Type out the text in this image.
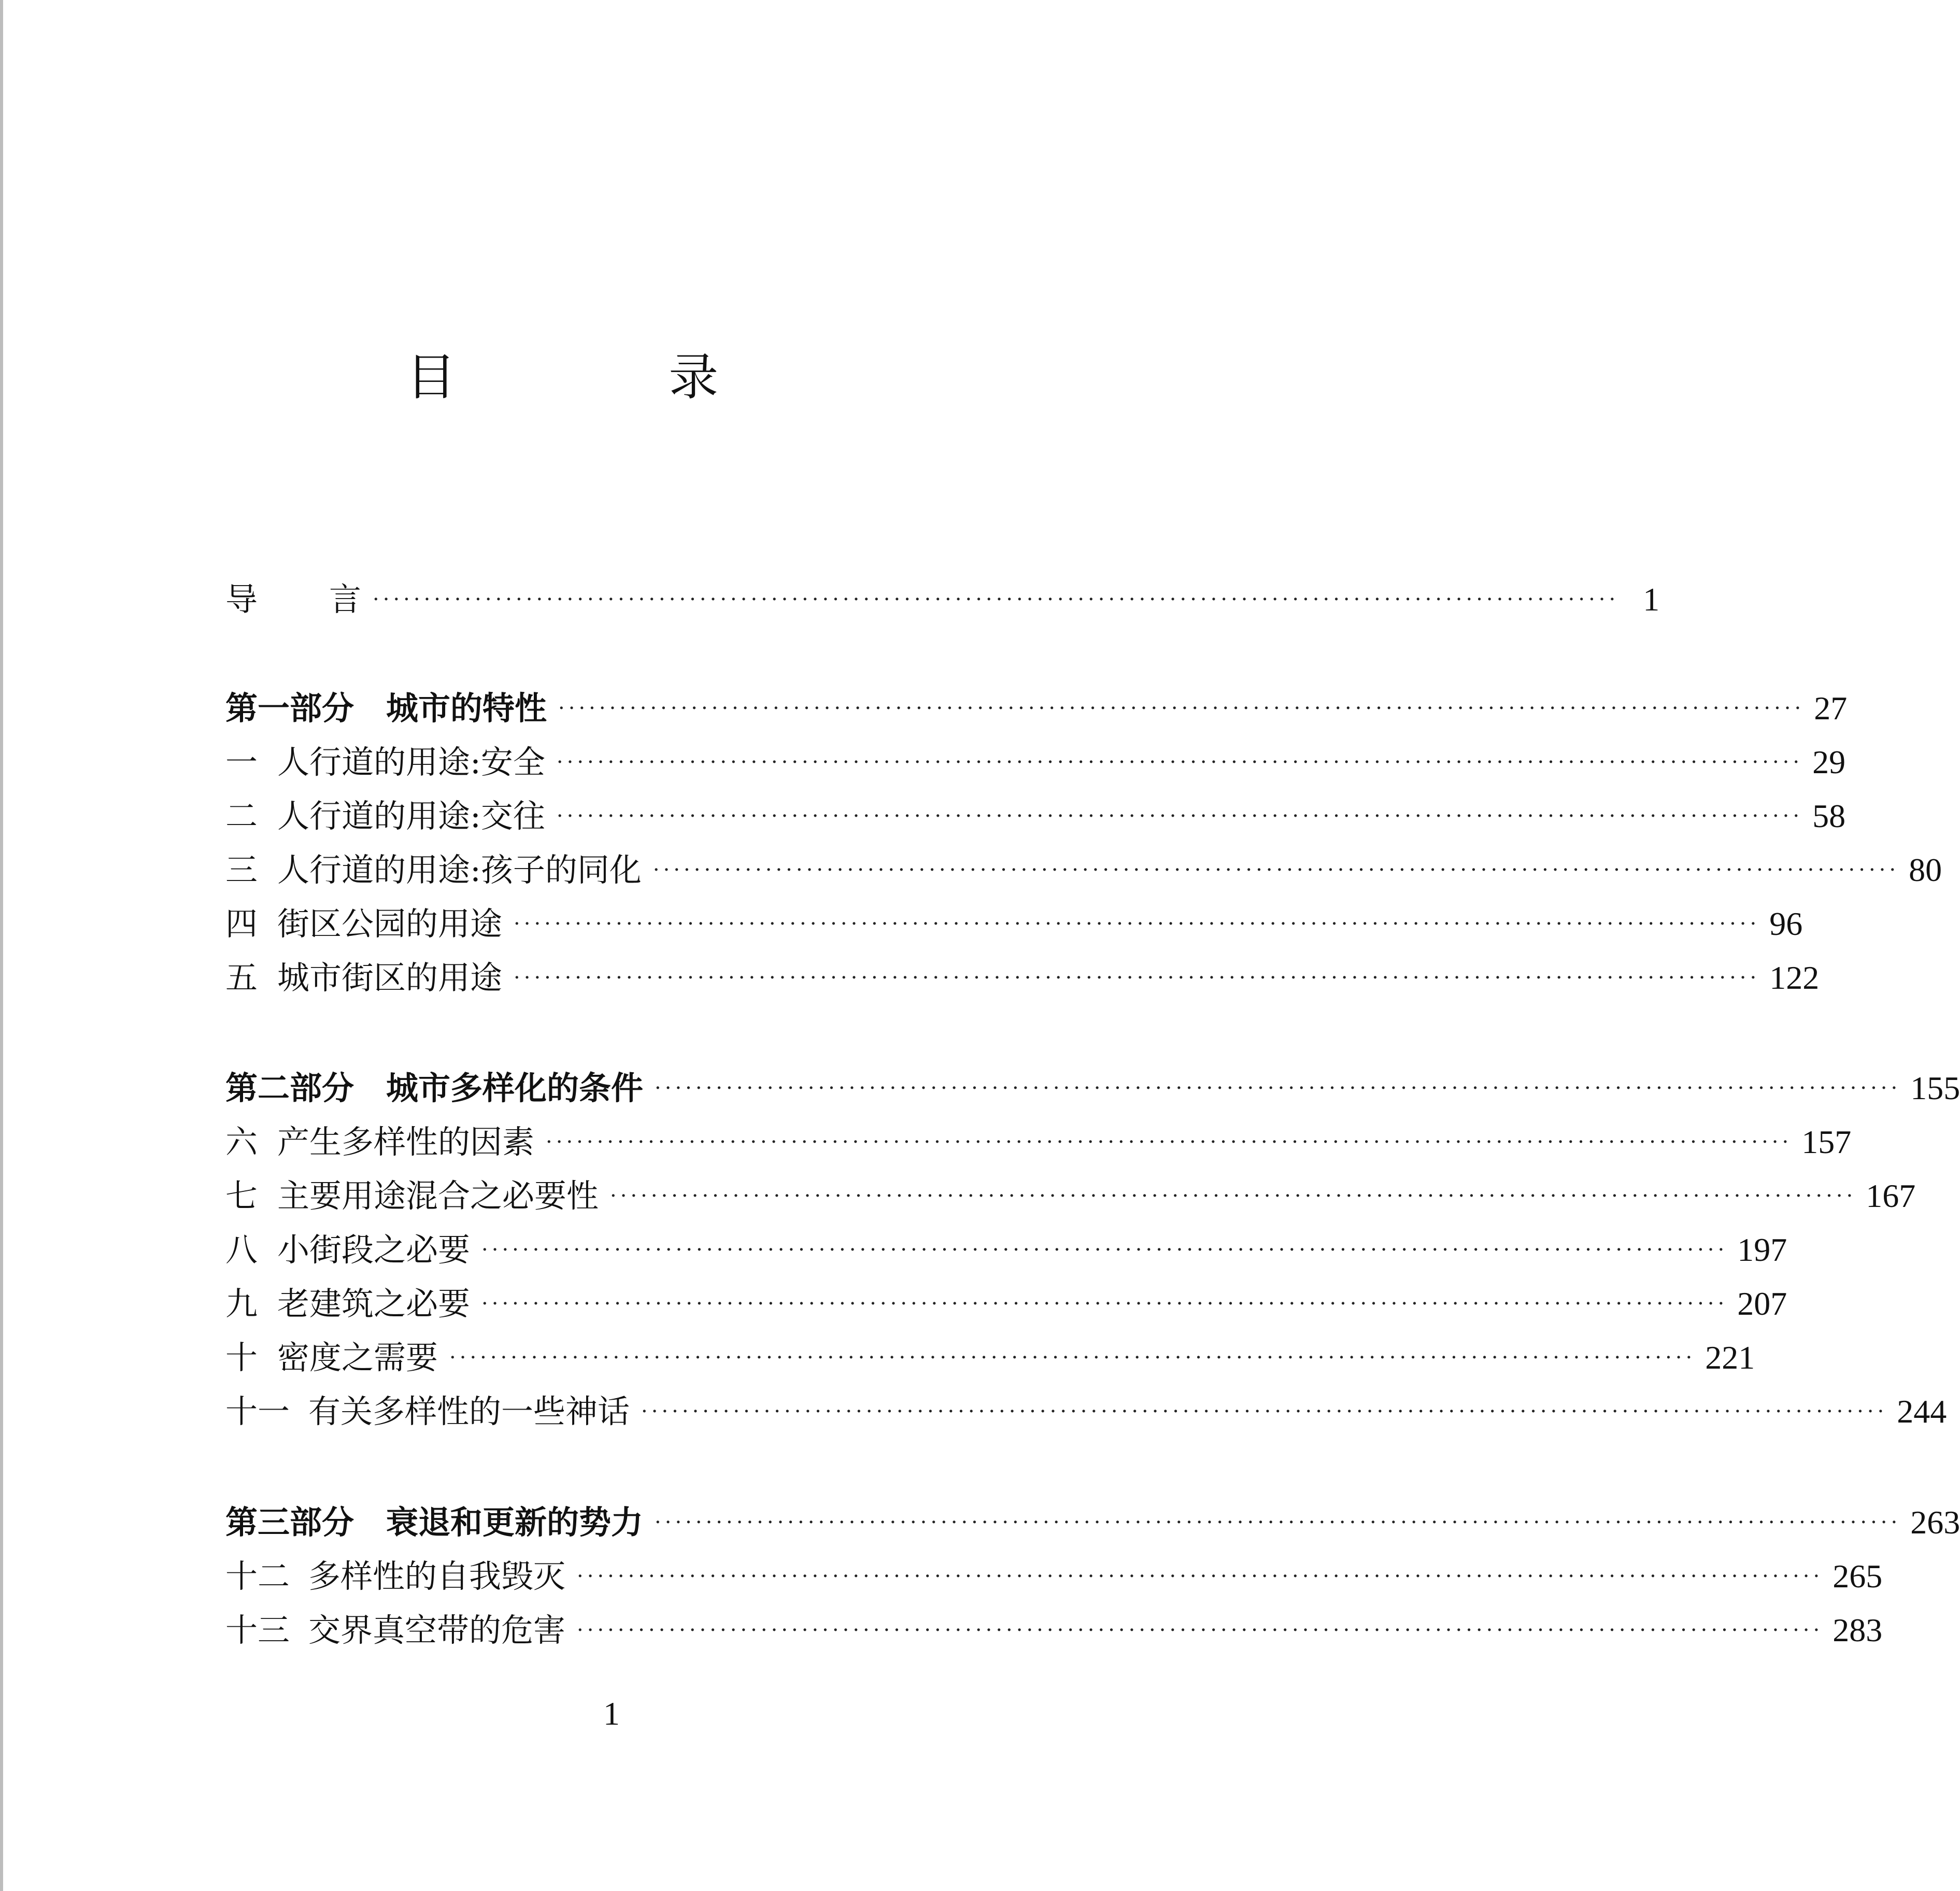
目 录
导	言 ·························································································································· 1
第一部分　城市的特性 ·························································································································· 27
一 人行道的用途:安全 ·························································································································· 29
二 人行道的用途:交往 ·························································································································· 58
三 人行道的用途:孩子的同化 ·························································································································· 80
四 街区公园的用途 ·························································································································· 96
五 城市街区的用途 ·························································································································· 122
第二部分　城市多样化的条件 ·························································································································· 155
六 产生多样性的因素 ·························································································································· 157
七 主要用途混合之必要性 ·························································································································· 167
八 小街段之必要 ·························································································································· 197
九 老建筑之必要 ·························································································································· 207
十 密度之需要 ·························································································································· 221
十一 有关多样性的一些神话 ·························································································································· 244
第三部分　衰退和更新的势力 ·························································································································· 263
十二 多样性的自我毁灭 ·························································································································· 265
十三 交界真空带的危害 ·························································································································· 283
1
